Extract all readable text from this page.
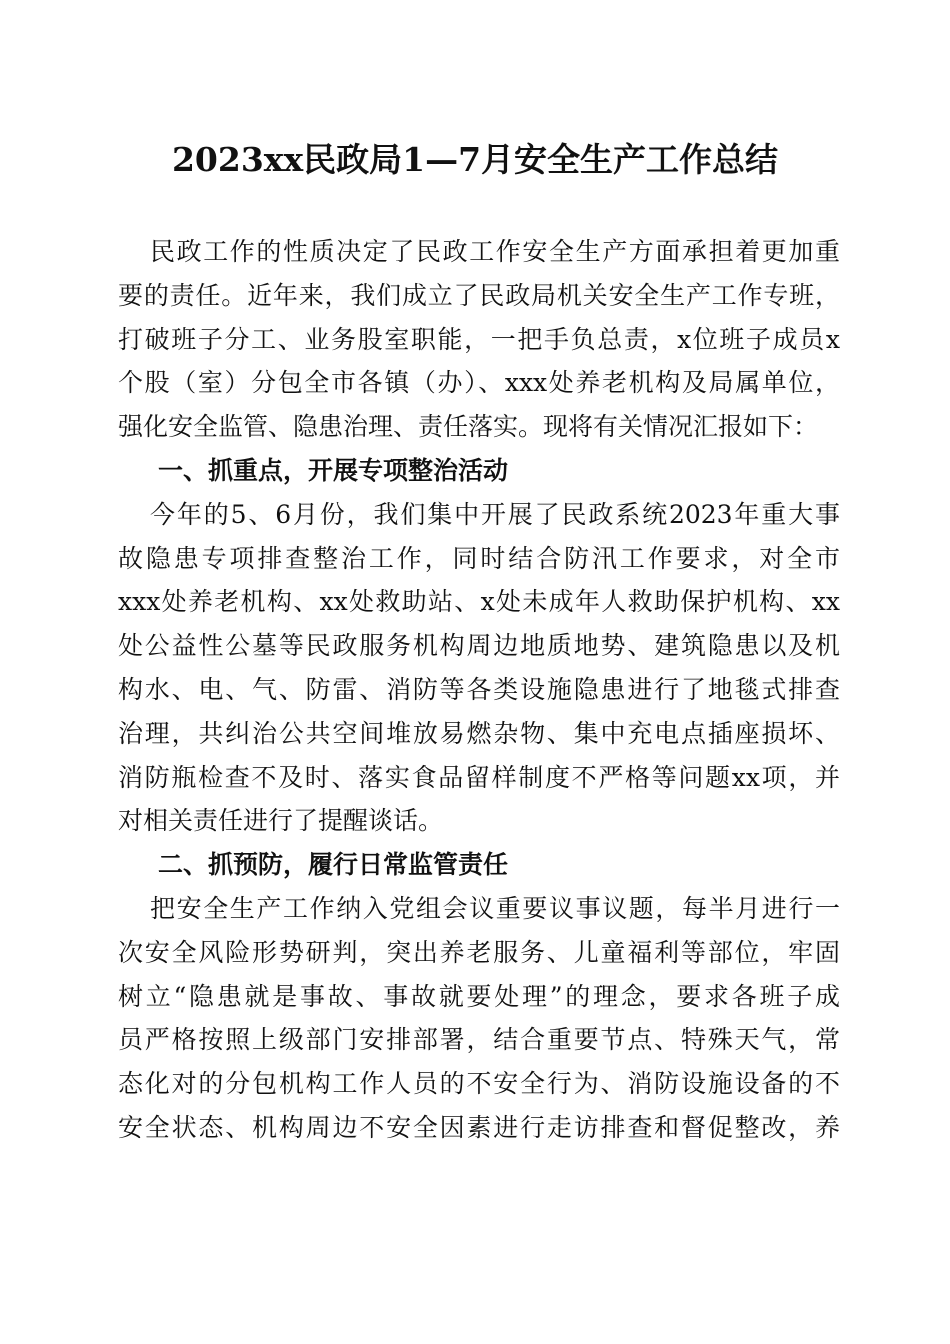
2023xx民政局1—7月安全生产工作总结
民政工作的性质决定了民政工作安全生产方面承担着更加重
要的责任。近年来，我们成立了民政局机关安全生产工作专班，
打破班子分工、业务股室职能，一把手负总责，x位班子成员x
个股（室）分包全市各镇（办）、xxx处养老机构及局属单位，
强化安全监管、隐患治理、责任落实。现将有关情况汇报如下：
一、抓重点，开展专项整治活动
今年的5、6月份，我们集中开展了民政系统2023年重大事
故隐患专项排查整治工作，同时结合防汛工作要求，对全市
xxx处养老机构、xx处救助站、x处未成年人救助保护机构、xx
处公益性公墓等民政服务机构周边地质地势、建筑隐患以及机
构水、电、气、防雷、消防等各类设施隐患进行了地毯式排查
治理，共纠治公共空间堆放易燃杂物、集中充电点插座损坏、
消防瓶检查不及时、落实食品留样制度不严格等问题xx项，并
对相关责任进行了提醒谈话。
二、抓预防，履行日常监管责任
把安全生产工作纳入党组会议重要议事议题，每半月进行一
次安全风险形势研判，突出养老服务、儿童福利等部位，牢固
树立“隐患就是事故、事故就要处理”的理念，要求各班子成
员严格按照上级部门安排部署，结合重要节点、特殊天气，常
态化对的分包机构工作人员的不安全行为、消防设施设备的不
安全状态、机构周边不安全因素进行走访排查和督促整改，养
